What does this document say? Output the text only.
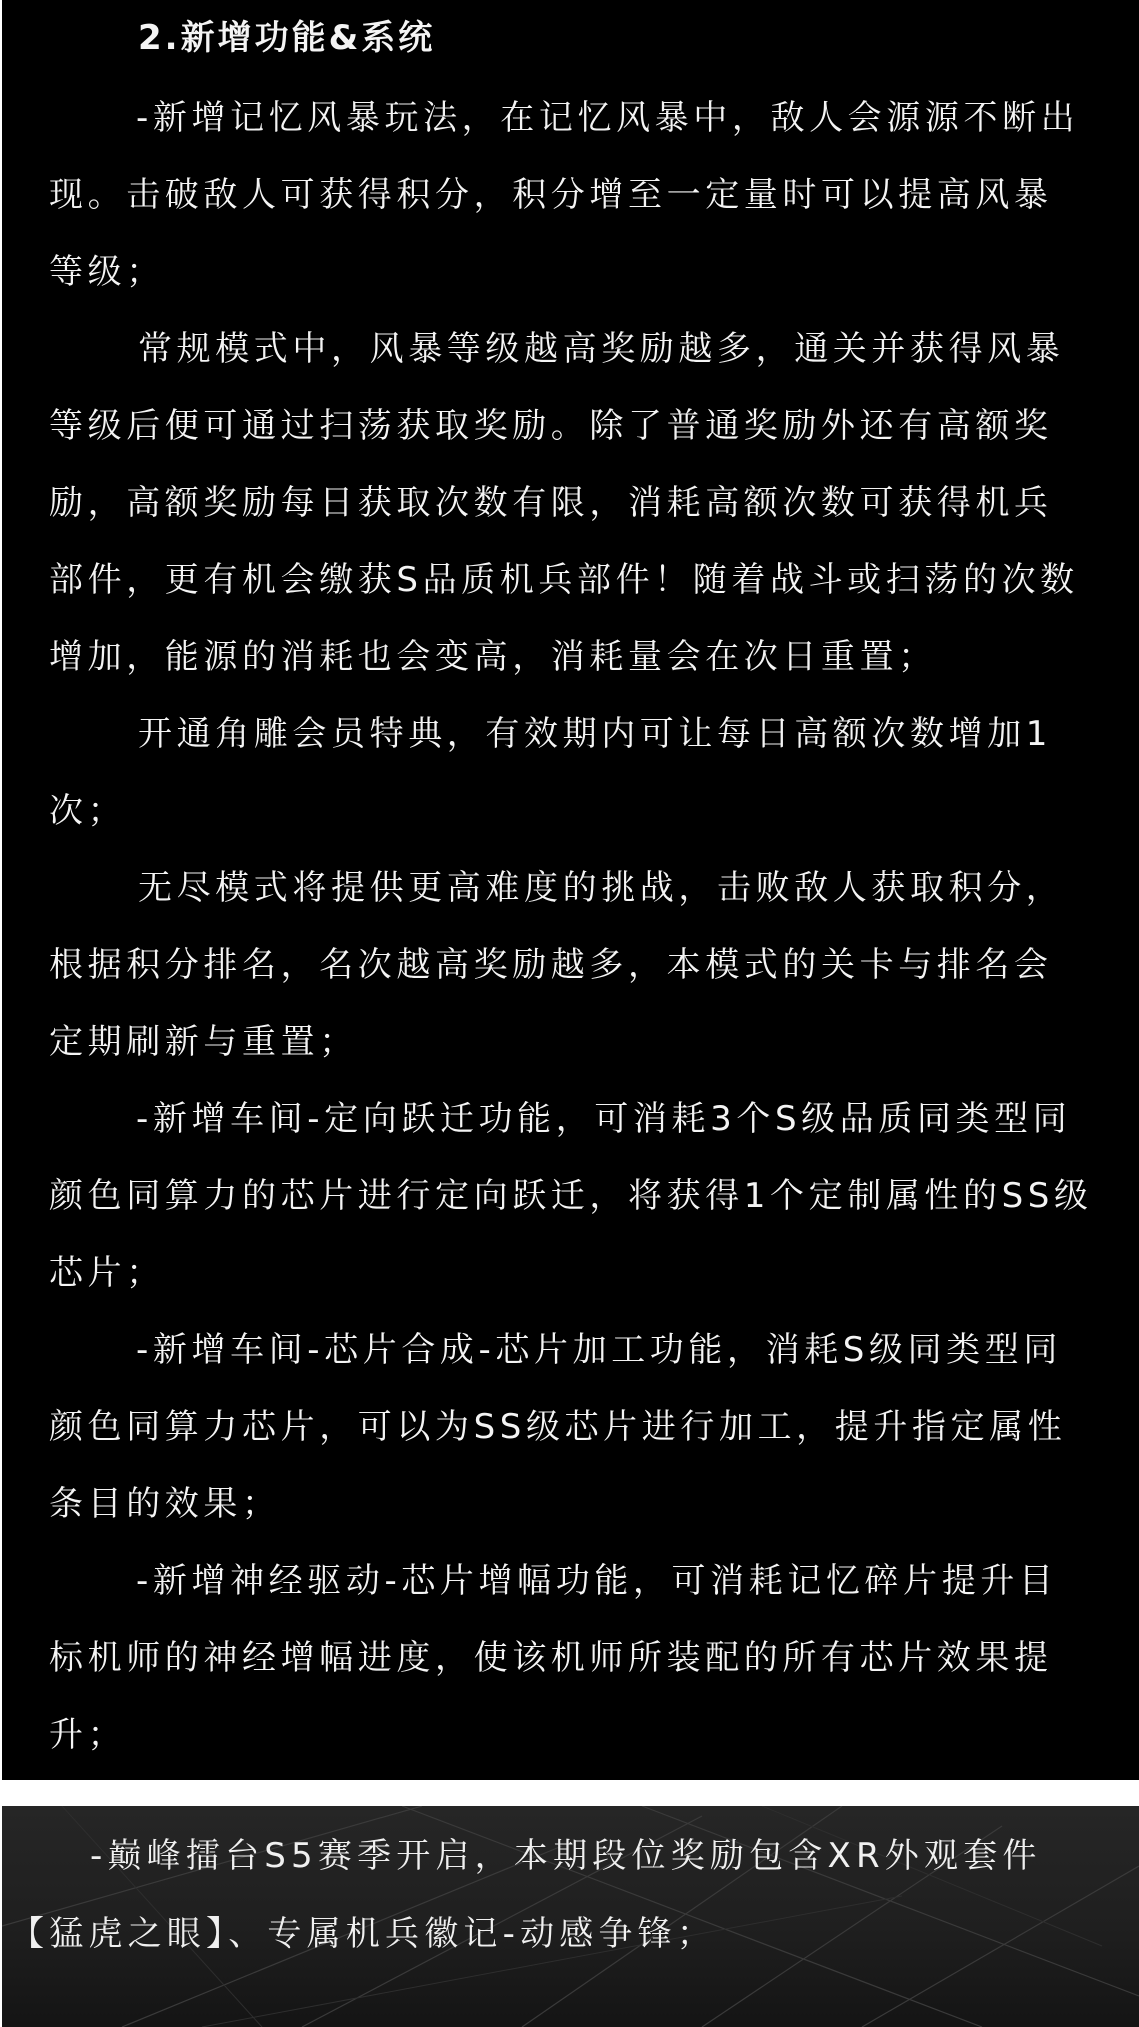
2.新增功能&系统
-新增记忆风暴玩法，在记忆风暴中，敌人会源源不断出
现。击破敌人可获得积分，积分增至一定量时可以提高风暴
等级；
常规模式中，风暴等级越高奖励越多，通关并获得风暴
等级后便可通过扫荡获取奖励。除了普通奖励外还有高额奖
励，高额奖励每日获取次数有限，消耗高额次数可获得机兵
部件，更有机会缴获S品质机兵部件！随着战斗或扫荡的次数
增加，能源的消耗也会变高，消耗量会在次日重置；
开通角雕会员特典，有效期内可让每日高额次数增加1
次；
无尽模式将提供更高难度的挑战，击败敌人获取积分，
根据积分排名，名次越高奖励越多，本模式的关卡与排名会
定期刷新与重置；
-新增车间-定向跃迁功能，可消耗3个S级品质同类型同
颜色同算力的芯片进行定向跃迁，将获得1个定制属性的SS级
芯片；
-新增车间-芯片合成-芯片加工功能，消耗S级同类型同
颜色同算力芯片，可以为SS级芯片进行加工，提升指定属性
条目的效果；
-新增神经驱动-芯片增幅功能，可消耗记忆碎片提升目
标机师的神经增幅进度，使该机师所装配的所有芯片效果提
升；
-巅峰擂台S5赛季开启，本期段位奖励包含XR外观套件
【猛虎之眼】、专属机兵徽记-动感争锋；
